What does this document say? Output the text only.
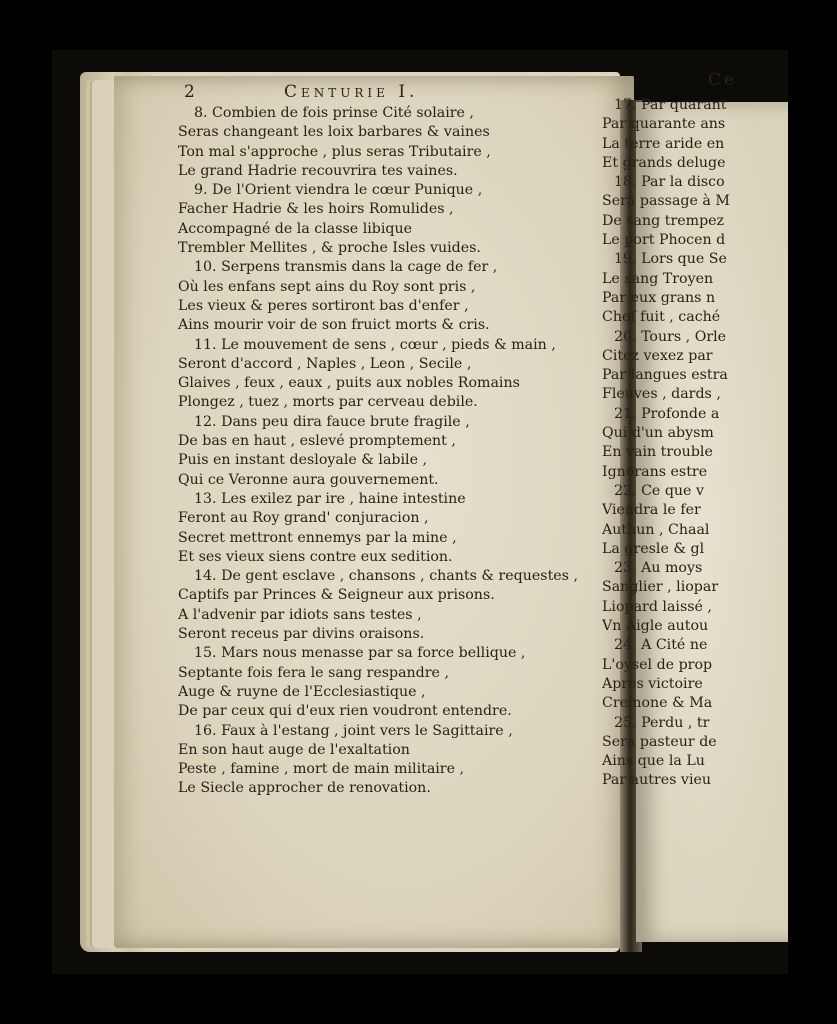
2	Centurie I.
8. Combien de fois prinse Cité solaire ,
Seras changeant les loix barbares & vaines
Ton mal s'approche , plus seras Tributaire ,
Le grand Hadrie recouvrira tes vaines.
9. De l'Orient viendra le cœur Punique ,
Facher Hadrie & les hoirs Romulides ,
Accompagné de la classe libique
Trembler Mellites , & proche Isles vuides.
10. Serpens transmis dans la cage de fer ,
Où les enfans sept ains du Roy sont pris ,
Les vieux & peres sortiront bas d'enfer ,
Ains mourir voir de son fruict morts & cris.
11. Le mouvement de sens , cœur , pieds & main ,
Seront d'accord , Naples , Leon , Secile ,
Glaives , feux , eaux , puits aux nobles Romains
Plongez , tuez , morts par cerveau debile.
12. Dans peu dira fauce brute fragile ,
De bas en haut , eslevé promptement ,
Puis en instant desloyale & labile ,
Qui ce Veronne aura gouvernement.
13. Les exilez par ire , haine intestine
Feront au Roy grand' conjuracion ,
Secret mettront ennemys par la mine ,
Et ses vieux siens contre eux sedition.
14. De gent esclave , chansons , chants & requestes ,
Captifs par Princes & Seigneur aux prisons.
A l'advenir par idiots sans testes ,
Seront receus par divins oraisons.
15. Mars nous menasse par sa force bellique ,
Septante fois fera le sang respandre ,
Auge & ruyne de l'Ecclesiastique ,
De par ceux qui d'eux rien voudront entendre.
16. Faux à l'estang , joint vers le Sagittaire ,
En son haut auge de l'exaltation
Peste , famine , mort de main militaire ,
Le Siecle approcher de renovation.
Ce
17. Par quarant
Par quarante ans
La terre aride en
Et grands deluge
18. Par la disco
Sera passage à M
De sang trempez
Le port Phocen d
19. Lors que Se
Le sang Troyen
Par eux grans n
Chef fuit , caché
20. Tours , Orle
Citez vexez par
Par langues estra
Fleuves , dards ,
21. Profonde a
Qui d'un abysm
En vain trouble
Ignorans estre
22. Ce que v
Viendra le fer
Authun , Chaal
La gresle & gl
23. Au moys
Sanglier , liopar
Liopard laissé ,
Vn Aigle autou
24. A Cité ne
L'oysel de prop
Apres victoire
Cremone & Ma
25. Perdu , tr
Sera pasteur de
Ains que la Lu
Par autres vieu
